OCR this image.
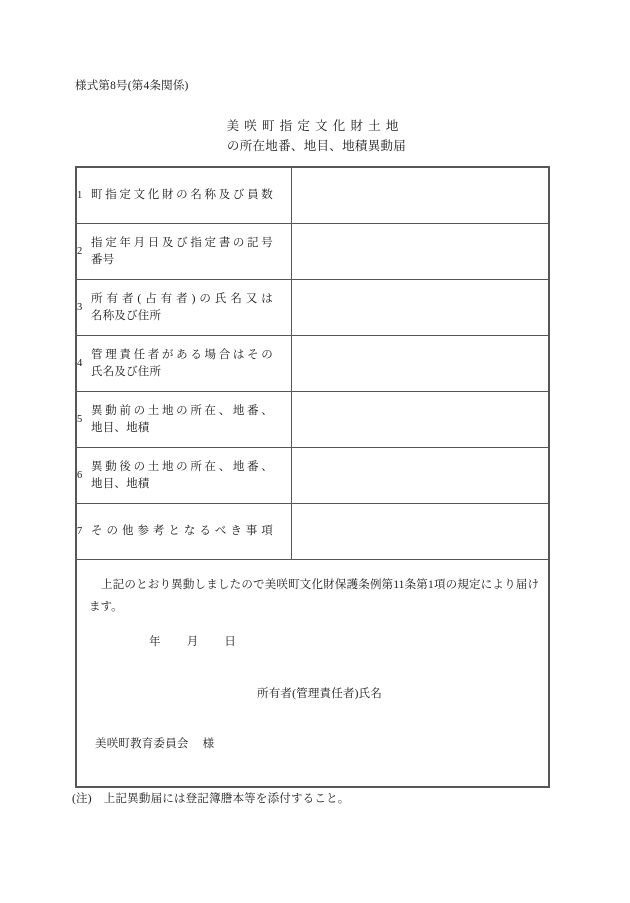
様式第8号(第4条関係)
美咲町指定文化財土地
の所在地番、地目、地積異動届
1 町指定文化財の名称及び員数	
2
指定年月日及び指定書の記号
番号	

3
所有者(占有者)の氏名又は
名称及び住所	

4
管理責任者がある場合はその
氏名及び住所	

5
異動前の土地の所在、地番、
地目、地積	

6
異動後の土地の所在、地番、
地目、地積	

7 その他参考となるべき事項	

上記のとおり異動しましたので美咲町文化財保護条例第11条第1項の規定により届けます。
年 月 日
所有者(管理責任者)氏名
美咲町教育委員会 様	
(注) 上記異動届には登記簿謄本等を添付すること。
